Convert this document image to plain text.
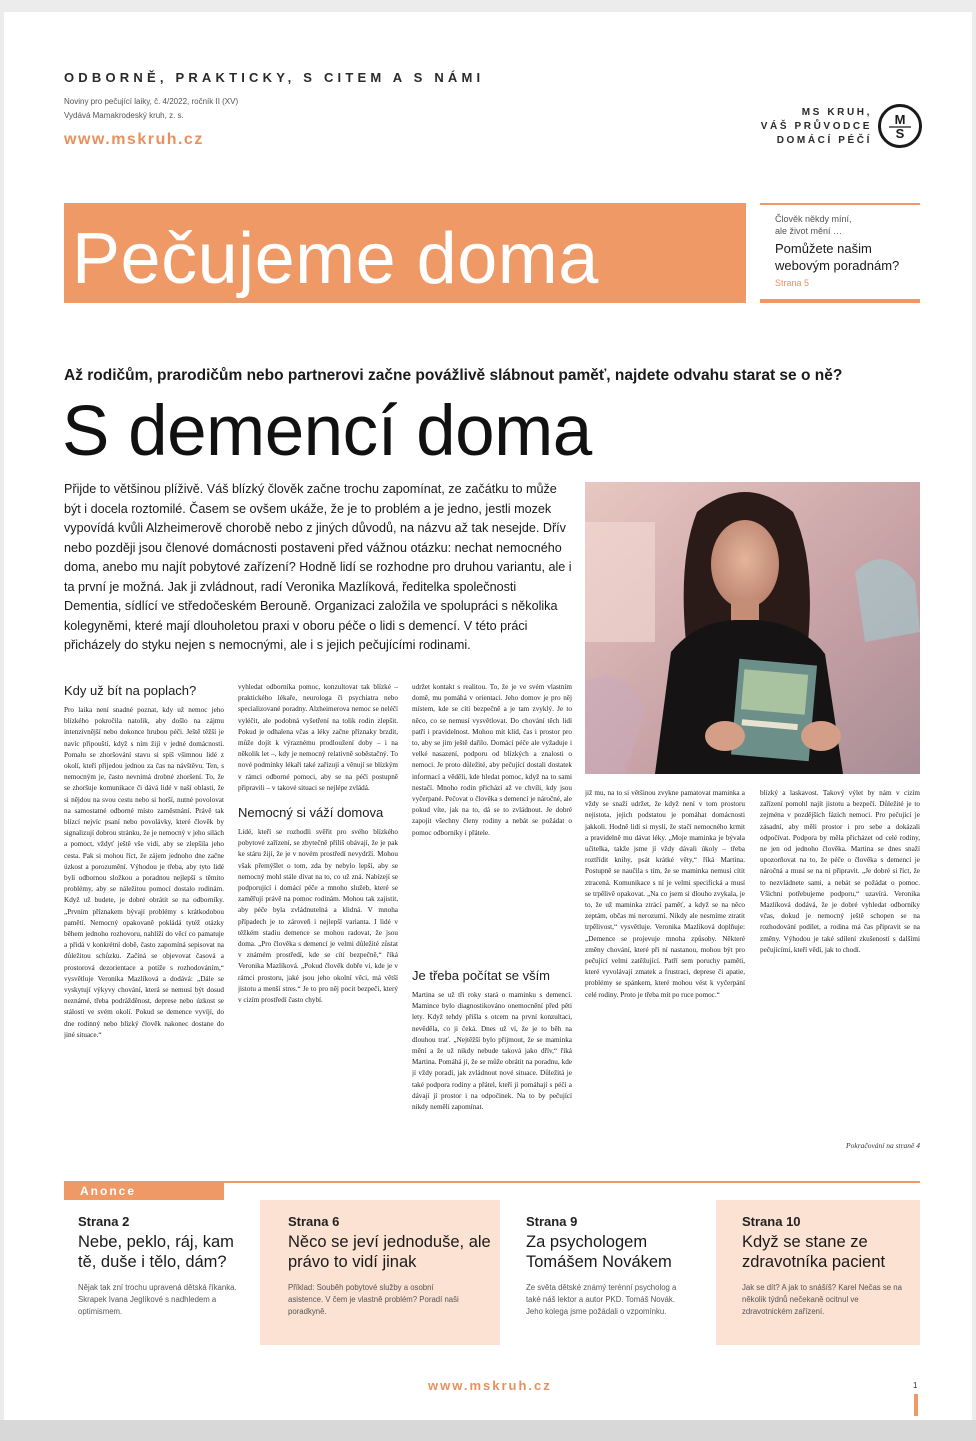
ODBORNĚ, PRAKTICKY, S CITEM A S NÁMI
Noviny pro pečující laiky, č. 4/2022, ročník II (XV)
Vydává Mamakrodeský kruh, z. s.
www.mskruh.cz
MS KRUH,
VÁŠ PRŮVODCE
DOMÁCÍ PÉČÍ
M
S
Pečujeme doma	Člověk někdy míní,
ale život mění …
Pomůžete našim
webovým poradnám?
Strana 5
Až rodičům, prarodičům nebo partnerovi začne povážlivě slábnout paměť, najdete odvahu starat se o ně?
S demencí doma
Přijde to většinou plíživě. Váš blízký člověk začne trochu zapomínat, ze začátku to může být i docela roztomilé. Časem se ovšem ukáže, že je to problém a je jedno, jestli mozek vypovídá kvůli Alzheimerově chorobě nebo z jiných důvodů, na názvu až tak nesejde. Dřív nebo později jsou členové domácnosti postaveni před vážnou otázku: nechat nemocného doma, anebo mu najít pobytové zařízení? Hodně lidí se rozhodne pro druhou variantu, ale i ta první je možná. Jak ji zvládnout, radí Veronika Mazlíková, ředitelka společnosti Dementia, sídlící ve středočeském Berouně. Organizaci založila ve spolupráci s několika kolegyněmi, které mají dlouholetou praxi v oboru péče o lidi s demencí. V této práci přicházely do styku nejen s nemocnými, ale i s jejich pečujícími rodinami.
Kdy už bít na poplach?

Pro laika není snadné poznat, kdy už nemoc jeho blízkého pokročila natolik, aby došlo na zájmu intenzivnější nebo dokonce hrubou péči. Ještě těžší je navíc připouští, když s ním žijí v jedné domácnosti. Pomalu se zhoršování stavu si spíš všimnou lidé z okolí, kteří přijedou jednou za čas na návštěvu. Ten, s nemocným je, často nevnímá drobné zhoršení. To, že se zhoršuje komunikace či dává lidé v naší oblasti, že si nějdou na svou cestu nebo si horší, nutné povolovat na samostatné odborné místo zaměstnání. Právě tak blízcí nejvíc psaní nebo povolávky, které člověk by signalizují dobrou stránku, že je nemocný v jeho silách a pomoct, vždyť ještě vše vidí, aby se zlepšila jeho cesta. Pak si mohou říct, že zájem jednoho dne začne úzkost a porozumění. Výhodou je třeba, aby tyto lidé byli odbornou složkou a poradnou nejlepší s těmito problémy, aby se náležitou pomocí dostalo rodinám. Když už budete, je dobré obrátit se na odborníky. „Prvním příznakem bývají problémy s krátkodobou pamětí. Nemocný opakovaně pokládá tytéž otázky během jednoho rozhovoru, nahlíží do věcí co pamatuje a přidá v konkrétní době, často zapomíná sepisovat na důležitou schůzku. Začíná se objevovat časová a prostorová dezorientace a potíže s rozhodováním,“ vysvětluje Veronika Mazlíková a dodává: „Dále se vyskytují výkyvy chování, která se nemusí být dosud neznámé, třeba podrážděnost, deprese nebo úzkost se stálostí ve svém okolí. Pokud se demence vyvíjí, do dne rodinný nebo blízký člověk nakonec dostane do jiné situace.“

vyhledat odborníka pomoc, konzultovat tak blízké – praktického lékaře, neurologa či psychiatra nebo specializované poradny. Alzheimerova nemoc se neléčí vyléčit, ale podobná vyšetření na tolik rodin zlepšit. Pokud je odhalena včas a léky začne příznaky brzdit, může dojít k výraznému prodloužení doby – i na několik let –, kdy je nemocný relativně soběstačný. To nové podmínky lékaři také zařizují a věnují se blízkým v rámci odborné pomoci, aby se na péči postupně připravili – v takové situaci se nejlépe zvládá.

Nemocný si váží domova

Lidé, kteří se rozhodli svěřit pro svého blízkého pobytové zařízení, se zbytečně příliš obávají, že je pak ke stáru žijí, že je v novém prostředí nevydrží. Mohou však přemýšlet o tom, zda by nebylo lepší, aby se nemocný mohl stále dívat na to, co už zná. Nabízejí se podporující i domácí péče a mnoho služeb, které se zaměřují právě na pomoc rodinám. Mohou tak zajistit, aby péče byla zvládnutelná a klidná. V mnoha případech je to zároveň i nejlepší varianta. I lidé v těžkém stadiu demence se mohou radovat, že jsou doma. „Pro člověka s demencí je velmi důležité zůstat v známém prostředí, kde se cítí bezpečně,“ říká Veronika Mazlíková. „Pokud člověk dobře ví, kde je v rámci prostoru, jaké jsou jeho okolní věci, má větší jistotu a menší stres.“ Je to pro něj pocit bezpečí, který v cizím prostředí často chybí.

udržet kontakt s realitou. To, že je ve svém vlastním domě, mu pomáhá v orientaci. Jeho domov je pro něj místem, kde se cítí bezpečně a je tam zvyklý. Je to něco, co se nemusí vysvětlovat. Do chování těch lidí patří i pravidelnost. Mohou mít klid, čas i prostor pro to, aby se jim ještě dařilo. Domácí péče ale vyžaduje i velké nasazení, podporu od blízkých a znalosti o nemoci. Je proto důležité, aby pečující dostali dostatek informací a věděli, kde hledat pomoc, když na to sami nestačí. Mnoho rodin přichází až ve chvíli, kdy jsou vyčerpané. Pečovat o člověka s demencí je náročné, ale pokud víte, jak na to, dá se to zvládnout. Je dobré zapojit všechny členy rodiny a nebát se požádat o pomoc odborníky i přátele.

Je třeba počítat se vším

Martina se už tři roky stará o maminku s demencí. Mamince bylo diagnostikováno onemocnění před pěti lety. Když tehdy přišla s otcem na první konzultaci, nevěděla, co ji čeká. Dnes už ví, že je to běh na dlouhou trať. „Nejtěžší bylo přijmout, že se maminka mění a že už nikdy nebude taková jako dřív,“ říká Martina. Pomáhá jí, že se může obrátit na poradnu, kde jí vždy poradí, jak zvládnout nové situace. Důležitá je také podpora rodiny a přátel, kteří jí pomáhají s péčí a dávají jí prostor i na odpočinek. Na to by pečující nikdy neměli zapomínat.

již mu, na to si většinou zvykne pamatovat maminka a vždy se snaží udržet, že když není v tom prostoru nejistota, jejich podstatou je pomáhat domácnosti jakkoli. Hodně lidí si myslí, že stačí nemocného krmit a pravidelně mu dávat léky. „Moje maminka je bývala učitelka, takže jsme jí vždy dávali úkoly – třeba roztřídit knihy, psát krátké věty,“ říká Martina. Postupně se naučila s tím, že se maminka nemusí cítit ztracená. Komunikace s ní je velmi specifická a musí se trpělivě opakovat. „Na co jsem si dlouho zvykala, je to, že už maminka ztrácí paměť, a když se na něco zeptám, občas mi nerozumí. Nikdy ale nesmíme ztratit trpělivost,“ vysvětluje. Veronika Mazlíková doplňuje: „Demence se projevuje mnoha způsoby. Některé změny chování, které při ní nastanou, mohou být pro pečující velmi zatěžující. Patří sem poruchy paměti, které vyvolávají zmatek a frustraci, deprese či apatie, problémy se spánkem, které mohou vést k vyčerpání celé rodiny. Proto je třeba mít po ruce pomoc.“

blízký a laskavost. Takový výlet by nám v cizím zařízení pomohl najít jistotu a bezpečí. Důležité je to zejména v pozdějších fázích nemoci. Pro pečující je zásadní, aby měli prostor i pro sebe a dokázali odpočívat. Podpora by měla přicházet od celé rodiny, ne jen od jednoho člověka. Martina se dnes snaží upozorňovat na to, že péče o člověka s demencí je náročná a musí se na ni připravit. „Je dobré si říct, že to nezvládnete sami, a nebát se požádat o pomoc. Všichni potřebujeme podporu,“ uzavírá. Veronika Mazlíková dodává, že je dobré vyhledat odborníky včas, dokud je nemocný ještě schopen se na rozhodování podílet, a rodina má čas připravit se na změny. Výhodou je také sdílení zkušeností s dalšími pečujícími, kteří vědí, jak to chodí.

Pokračování na straně 4
Anonce
Strana 2
Nebe, peklo, ráj, kam tě, duše i tělo, dám?
Nějak tak zní trochu upravená dětská říkanka. Skrapek Ivana Jeglíkové s nadhledem a optimismem.
Strana 6
Něco se jeví jednoduše, ale právo to vidí jinak
Příklad: Souběh pobytové služby a osobní asistence. V čem je vlastně problém? Poradí naši poradkyně.
Strana 9
Za psychologem Tomášem Novákem
Ze světa dětské známý terénní psycholog a také náš lektor a autor PKD. Tomáš Novák. Jeho kolega jsme požádali o vzpomínku.
Strana 10
Když se stane ze zdravotníka pacient
Jak se dít? A jak to snášíš? Karel Nečas se na několik týdnů nečekaně ocitnul ve zdravotnickém zařízení.
www.mskruh.cz	1
